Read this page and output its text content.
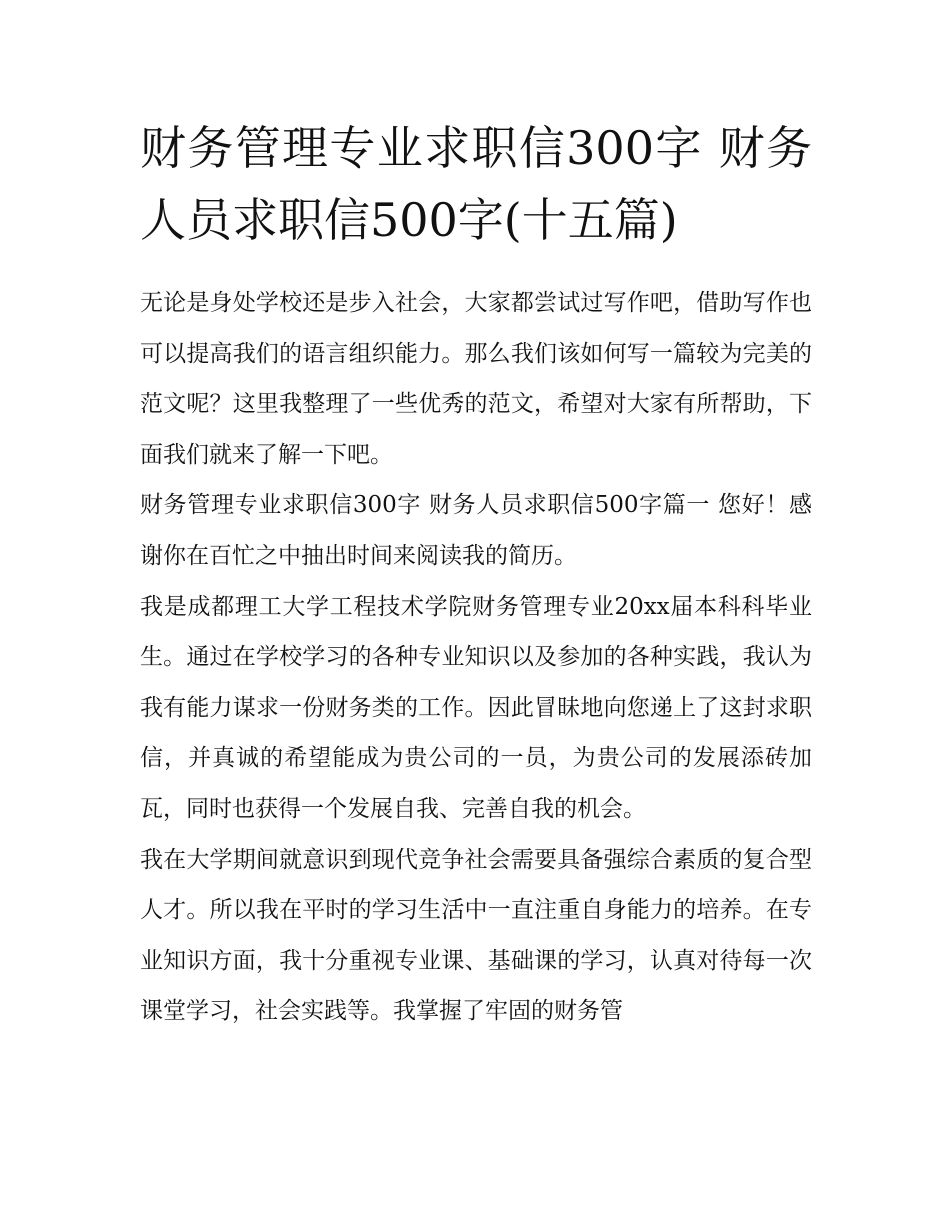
财务管理专业求职信300字 财务人员求职信500字(十五篇)

无论是身处学校还是步入社会，大家都尝试过写作吧，借助写作也可以提高我们的语言组织能力。那么我们该如何写一篇较为完美的范文呢？这里我整理了一些优秀的范文，希望对大家有所帮助，下面我们就来了解一下吧。

财务管理专业求职信300字 财务人员求职信500字篇一 您好！感谢你在百忙之中抽出时间来阅读我的简历。

我是成都理工大学工程技术学院财务管理专业20xx届本科科毕业生。通过在学校学习的各种专业知识以及参加的各种实践，我认为我有能力谋求一份财务类的工作。因此冒昧地向您递上了这封求职信，并真诚的希望能成为贵公司的一员，为贵公司的发展添砖加瓦，同时也获得一个发展自我、完善自我的机会。

我在大学期间就意识到现代竞争社会需要具备强综合素质的复合型人才。所以我在平时的学习生活中一直注重自身能力的培养。在专业知识方面，我十分重视专业课、基础课的学习，认真对待每一次课堂学习，社会实践等。我掌握了牢固的财务管
